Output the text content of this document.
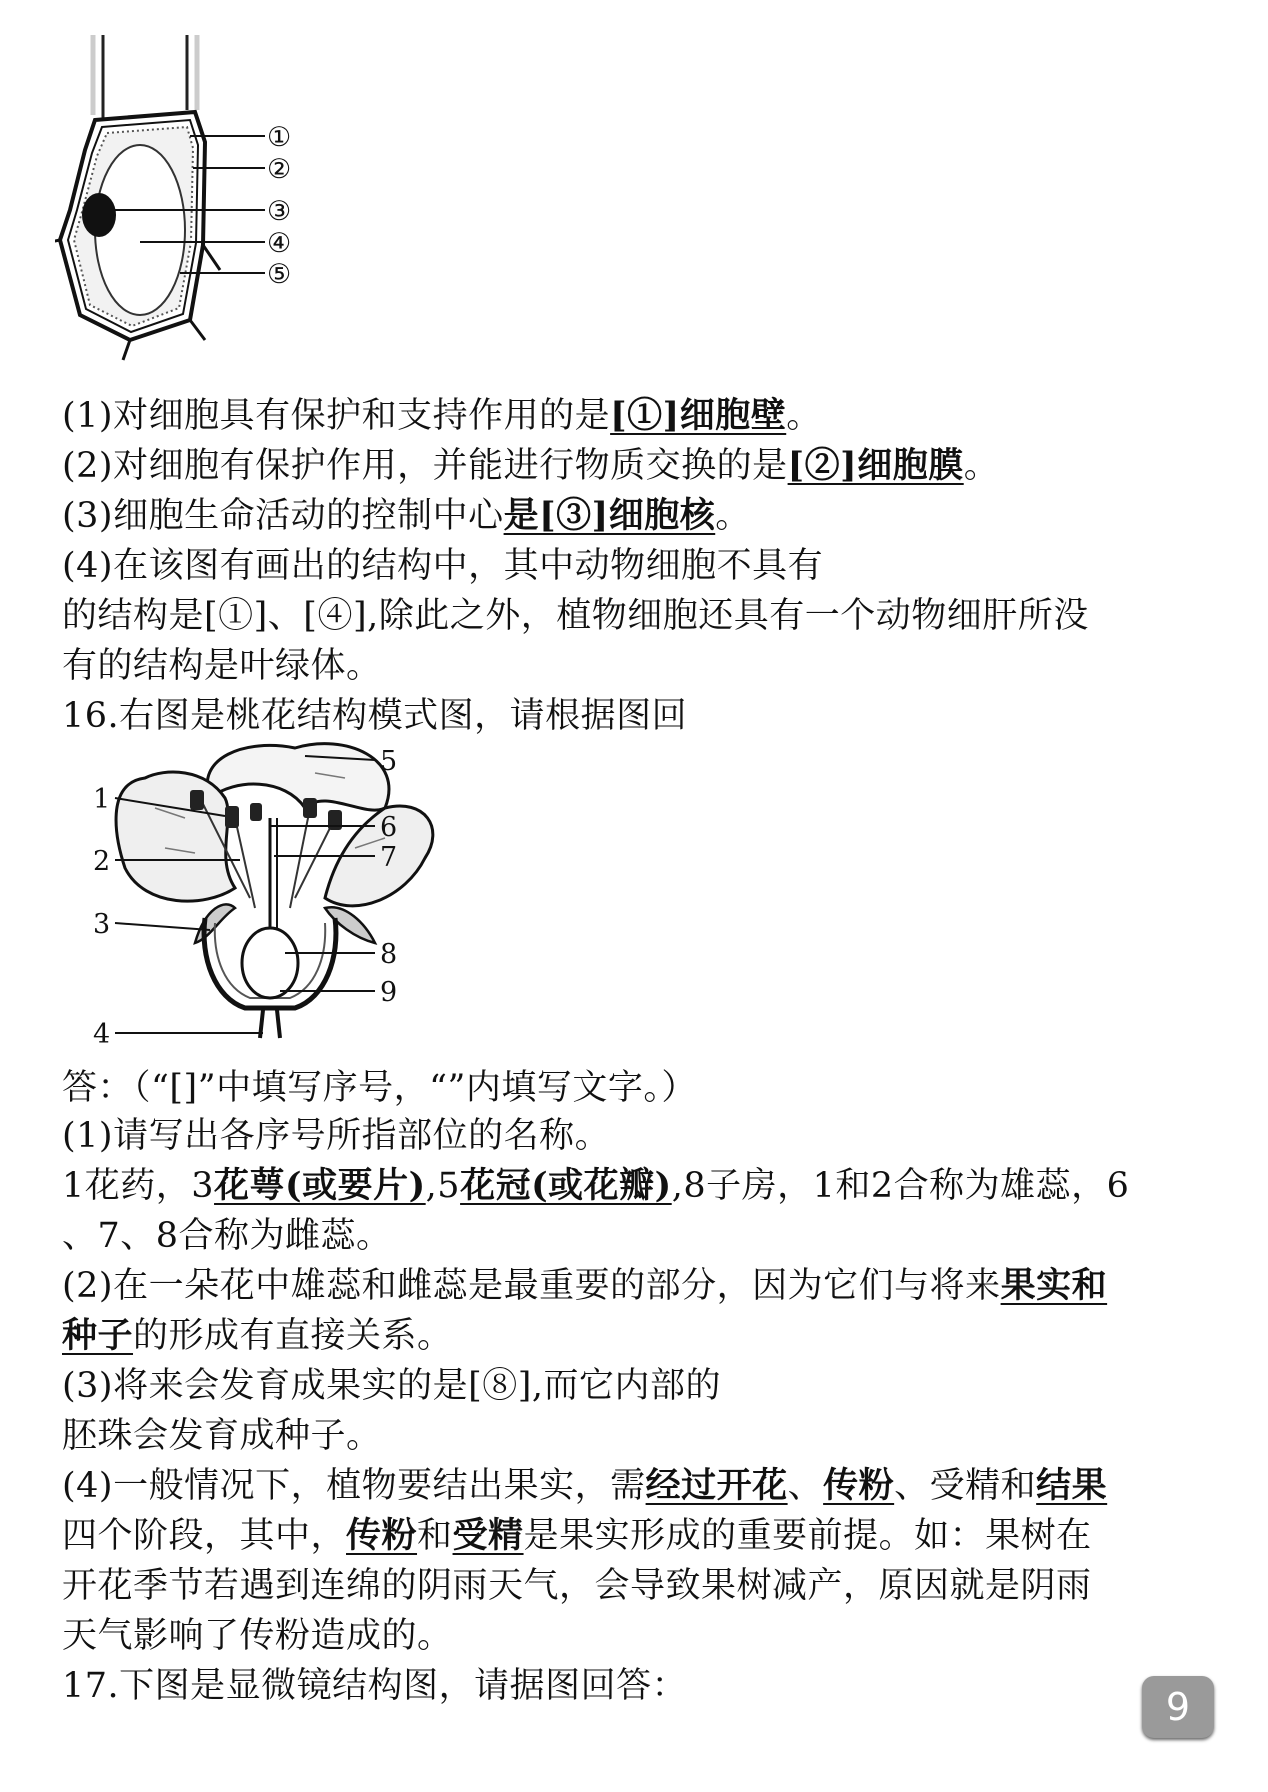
①
②
③
④
⑤
(1)对细胞具有保护和支持作用的是[①]细胞壁。
(2)对细胞有保护作用，并能进行物质交换的是[②]细胞膜。
(3)细胞生命活动的控制中心是[③]细胞核。
(4)在该图有画出的结构中，其中动物细胞不具有
的结构是[①]、[④],除此之外，植物细胞还具有一个动物细肝所没
有的结构是叶绿体。
16.右图是桃花结构模式图，请根据图回
1
2
3
4
5
6
7
8
9
答：（“[]”中填写序号，“”内填写文字。）
(1)请写出各序号所指部位的名称。
1花药，3花萼(或要片),5花冠(或花瓣),8子房，1和2合称为雄蕊，6
、7、8合称为雌蕊。
(2)在一朵花中雄蕊和雌蕊是最重要的部分，因为它们与将来果实和
种子的形成有直接关系。
(3)将来会发育成果实的是[⑧],而它内部的
胚珠会发育成种子。
(4)一般情况下，植物要结出果实，需经过开花、传粉、受精和结果
四个阶段，其中，传粉和受精是果实形成的重要前提。如：果树在
开花季节若遇到连绵的阴雨天气，会导致果树减产，原因就是阴雨
天气影响了传粉造成的。
17.下图是显微镜结构图，请据图回答：	9
